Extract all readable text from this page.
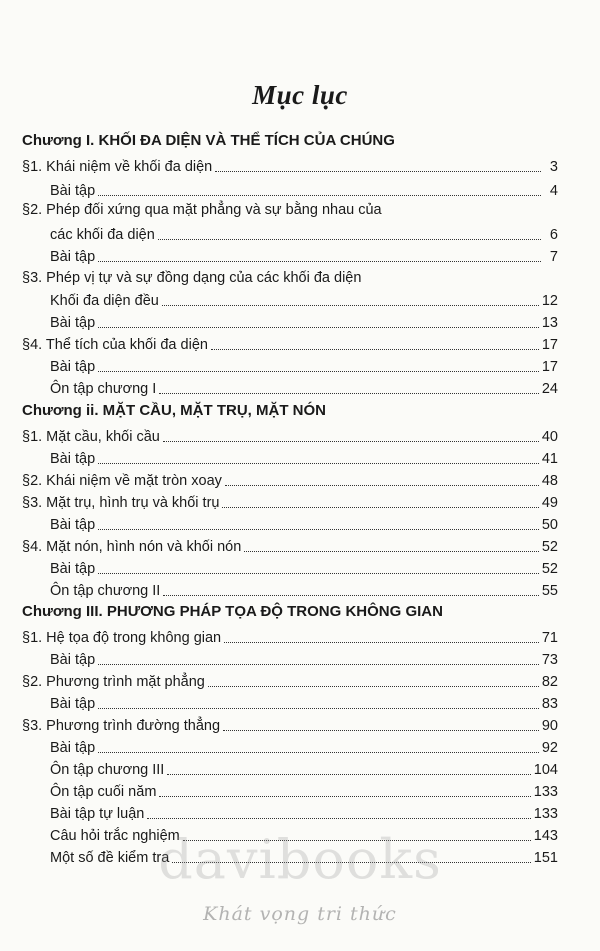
Mục lục
Chương I. KHỐI ĐA DIỆN VÀ THỂ TÍCH CỦA CHÚNG
§1. Khái niệm về khối đa diện	3
Bài tập	4
§2. Phép đối xứng qua mặt phẳng và sự bằng nhau của
các khối đa diện	6
Bài tập	7
§3. Phép vị tự và sự đồng dạng của các khối đa diện
Khối đa diện đều	12
Bài tập	13
§4. Thể tích của khối đa diện	17
Bài tập	17
Ôn tập chương I	24
Chương ii. MẶT CẦU, MẶT TRỤ, MẶT NÓN
§1. Mặt cầu, khối cầu	40
Bài tập	41
§2. Khái niệm về mặt tròn xoay	48
§3. Mặt trụ, hình trụ và khối trụ	49
Bài tập	50
§4. Mặt nón, hình nón và khối nón	52
Bài tập	52
Ôn tập chương II	55
Chương III. PHƯƠNG PHÁP TỌA ĐỘ TRONG KHÔNG GIAN
§1. Hệ tọa độ trong không gian	71
Bài tập	73
§2. Phương trình mặt phẳng	82
Bài tập	83
§3. Phương trình đường thẳng	90
Bài tập	92
Ôn tập chương III	104
Ôn tập cuối năm	133
Bài tập tự luận	133
Câu hỏi trắc nghiệm	143
Một số đề kiểm tra	151
davibooks
Khát vọng tri thức
